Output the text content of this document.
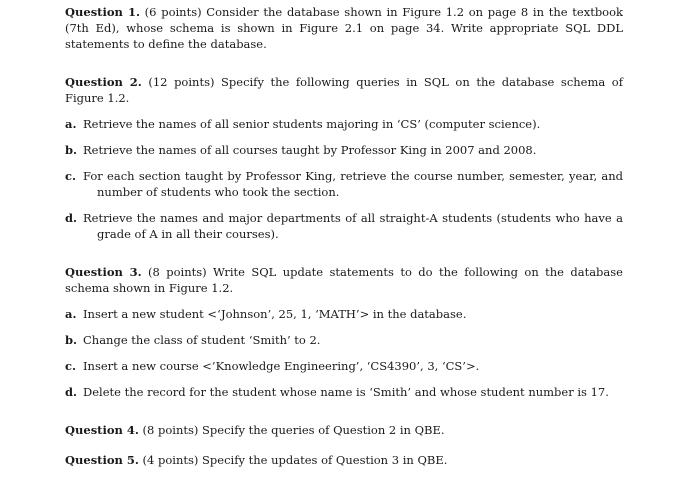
Question 1. (6 points) Consider the database shown in Figure 1.2 on page 8 in the textbook (7th Ed), whose schema is shown in Figure 2.1 on page 34. Write appropriate SQL DDL statements to define the database.

Question 2. (12 points) Specify the following queries in SQL on the database schema of Figure 1.2.

a. Retrieve the names of all senior students majoring in ‘CS’ (computer science).

b. Retrieve the names of all courses taught by Professor King in 2007 and 2008.

c. For each section taught by Professor King, retrieve the course number, semester, year, and number of students who took the section.

d. Retrieve the names and major departments of all straight-A students (students who have a grade of A in all their courses).

Question 3. (8 points) Write SQL update statements to do the following on the database schema shown in Figure 1.2.

a. Insert a new student <‘Johnson’, 25, 1, ‘MATH’> in the database.

b. Change the class of student ‘Smith’ to 2.

c. Insert a new course <’Knowledge Engineering’, ‘CS4390’, 3, ‘CS’>.

d. Delete the record for the student whose name is ‘Smith’ and whose student number is 17.

Question 4. (8 points) Specify the queries of Question 2 in QBE.

Question 5. (4 points) Specify the updates of Question 3 in QBE.
